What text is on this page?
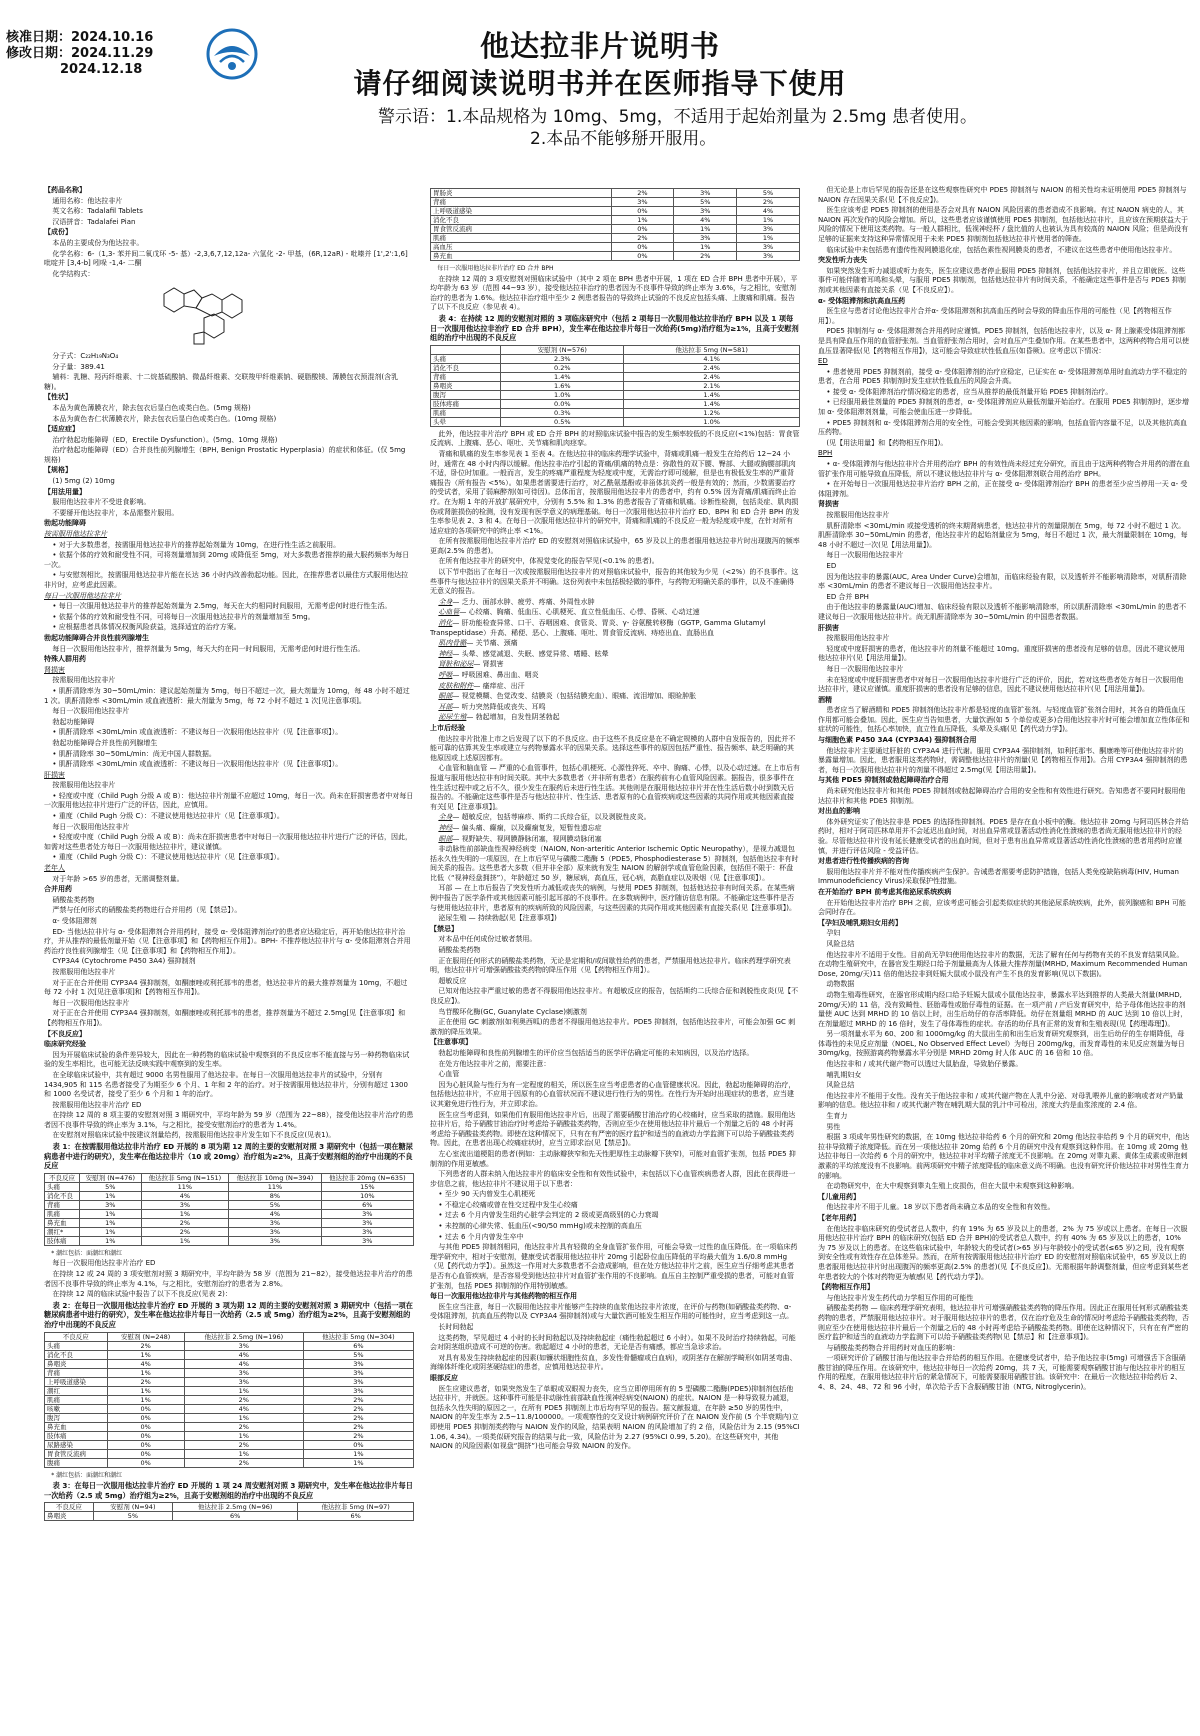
核准日期：2024.10.16
修改日期：2024.11.29
2024.12.18
他达拉非片说明书
请仔细阅读说明书并在医师指导下使用
警示语：1.本品规格为 10mg、5mg，不适用于起始剂量为 2.5mg 患者使用。
2.本品不能够掰开服用。

【药品名称】

通用名称：他达拉非片

英文名称：Tadalafil Tablets

汉语拼音：Tadalafei Pian

【成份】

本品的主要成份为他达拉非。

化学名称：6-（1,3- 苯并间二氧戊环 -5- 基）-2,3,6,7,12,12a- 六氢化 -2- 甲基，(6R,12aR) - 吡嗪并 [1',2':1,6] 吡啶并 [3,4-b] 吲哚 -1,4- 二酮

化学结构式：

分子式：C₂₂H₁₉N₃O₄

分子量：389.41

辅料：乳糖、羟丙纤维素、十二烷基硫酸钠、微晶纤维素、交联羧甲纤维素钠、硬脂酸镁、薄膜包衣预混剂(含乳糖)。

【性状】

本品为黄色薄膜衣片，除去包衣后显白色或类白色。(5mg 规格)

本品为黄色杏仁状薄膜衣片，除去包衣后显白色或类白色。(10mg 规格)

【适应症】

治疗勃起功能障碍（ED，Erectile Dysfunction）。(5mg、10mg 规格)

治疗勃起功能障碍（ED）合并良性前列腺增生（BPH, Benign Prostatic Hyperplasia）的症状和体征。(仅 5mg 规格)

【规格】

(1) 5mg (2) 10mg

【用法用量】

服用他达拉非片不受进食影响。

不要掰开他达拉非片，本品需整片服用。

勃起功能障碍

按需服用他达拉非片

• 对于大多数患者，按需服用他达拉非片的推荐起始剂量为 10mg，在进行性生活之前服用。

• 依据个体的疗效和耐受性不同，可将剂量增加到 20mg 或降低至 5mg，对大多数患者推荐的最大服药频率为每日一次。

• 与安慰剂相比，按需服用他达拉非片能在长达 36 小时内改善勃起功能。因此，在推荐患者以最佳方式服用他达拉非片时，应考虑此因素。

每日一次服用他达拉非片

• 每日一次服用他达拉非片的推荐起始剂量为 2.5mg，每天在大约相同时间服用，无需考虑何时进行性生活。

• 依据个体的疗效和耐受性不同，可将每日一次服用他达拉非片的剂量增加至 5mg。

• 应根据患者具体情况权衡风险获益，选择适宜的治疗方案。

勃起功能障碍合并良性前列腺增生

每日一次服用他达拉非片，推荐剂量为 5mg，每天大约在同一时间服用，无需考虑何时进行性生活。

特殊人群用药

肾损害

按需服用他达拉非片

• 肌酐清除率为 30~50mL/min：建议起始剂量为 5mg，每日不超过一次，最大剂量为 10mg，每 48 小时不超过 1 次。肌酐清除率 <30mL/min 或血液透析：最大剂量为 5mg，每 72 小时不超过 1 次[见注意事项]。

每日一次服用他达拉非片

勃起功能障碍

• 肌酐清除率 <30mL/min 或血液透析：不建议每日一次服用他达拉非片（见【注意事项】）。

勃起功能障碍合并良性前列腺增生

• 肌酐清除率 30~50mL/min：尚无中国人群数据。

• 肌酐清除率 <30mL/min 或血液透析：不建议每日一次服用他达拉非片（见【注意事项】）。

肝损害

按需服用他达拉非片

• 轻度或中度（Child Pugh 分级 A 或 B）：他达拉非片剂量不应超过 10mg，每日一次。尚未在肝损害患者中对每日一次服用他达拉非片进行广泛的评估，因此，应慎用。

• 重度（Child Pugh 分级 C）：不建议使用他达拉非片（见【注意事项】）。

每日一次服用他达拉非片

• 轻度或中度（Child Pugh 分级 A 或 B）：尚未在肝损害患者中对每日一次服用他达拉非片进行广泛的评估，因此，如需对这些患者处方每日一次服用他达拉非片，建议谨慎。

• 重度（Child Pugh 分级 C）：不建议使用他达拉非片（见【注意事项】）。

老年人

对于年龄 >65 岁的患者，无需调整剂量。

合并用药

硝酸盐类药物

严禁与任何形式的硝酸盐类药物进行合并用药（见【禁忌】）。

α- 受体阻滞剂

ED- 当他达拉非片与 α- 受体阻滞剂合并用药时，接受 α- 受体阻滞剂治疗的患者应达稳定后，再开始他达拉非片治疗，并从推荐的最低剂量开始（见【注意事项】和【药物相互作用】）。BPH- 不推荐他达拉非片与 α- 受体阻滞剂合并用药治疗良性前列腺增生（见【注意事项】和【药物相互作用】）。

CYP3A4 (Cytochrome P450 3A4) 强抑制剂

按需服用他达拉非片

对于正在合并使用 CYP3A4 强抑制剂，如酮康唑或利托那韦的患者，他达拉非片的最大推荐剂量为 10mg，不超过每 72 小时 1 次[见注意事项]和【药物相互作用】)。

每日一次服用他达拉非片

对于正在合并使用 CYP3A4 强抑制剂，如酮康唑或利托那韦的患者，推荐剂量为不超过 2.5mg[见【注意事项】和【药物相互作用】)。

【不良反应】

临床研究经验

因为开展临床试验的条件差异较大，因此在一种药物的临床试验中观察到的不良反应率不能直接与另一种药物临床试验的发生率相比，也可能无法反映实践中观察到的发生率。

在全球临床试验中，共有超过 9000 名男性服用了他达拉非。在每日一次服用他达拉非片的试验中，分别有 1434,905 和 115 名患者接受了为期至少 6 个月、1 年和 2 年的治疗。对于按需服用他达拉非片，分别有超过 1300 和 1000 名受试者，接受了至少 6 个月和 1 年的治疗。

按需服用他达拉非片治疗 ED

在持续 12 周的 8 项主要的安慰剂对照 3 期研究中，平均年龄为 59 岁（范围为 22~88），接受他达拉非片治疗的患者因不良事件导致的终止率为 3.1%，与之相比，接受安慰剂治疗的患者为 1.4%。

在安慰剂对照临床试验中按建议剂量给药，按需服用他达拉非片发生如下不良反应(见表1)。

表 1：在按需服用他达拉非片治疗 ED 开展的 8 项为期 12 周的主要的安慰剂对照 3 期研究中（包括一项在糖尿病患者中进行的研究），发生率在他达拉非片（10 或 20mg）治疗组为≥2%，且高于安慰剂组的治疗中出现的不良反应

不良反应	安慰剂 (N=476)	他达拉非 5mg (N=151)	他达拉非 10mg (N=394)	他达拉非 20mg (N=635)
头痛	5%	11%	11%	15%
消化不良	1%	4%	8%	10%
背痛	3%	3%	5%	6%
肌痛	1%	1%	4%	3%
鼻充血	1%	2%	3%	3%
潮红*	1%	2%	3%	3%
肢体痛	1%	1%	3%	3%

* 潮红包括：面潮红和潮红

每日一次服用他达拉非片治疗 ED

在持续 12 或 24 周的 3 项安慰剂对照 3 期研究中，平均年龄为 58 岁（范围为 21~82），接受他达拉非片治疗的患者因不良事件导致的终止率为 4.1%，与之相比，安慰剂治疗的患者为 2.8%。

在持续 12 周的临床试验中报告了以下不良反应(见表 2)：

表 2：在每日一次服用他达拉非片治疗 ED 开展的 3 项为期 12 周的主要的安慰剂对照 3 期研究中（包括一项在糖尿病患者中进行的研究），发生率在他达拉非片每日一次给药（2.5 或 5mg）治疗组为≥2%，且高于安慰剂组的治疗中出现的不良反应

不良反应	安慰剂 (N=248)	他达拉非 2.5mg (N=196)	他达拉非 5mg (N=304)
头痛	2%	3%	6%
消化不良	1%	4%	5%
鼻咽炎	4%	4%	3%
背痛	1%	3%	3%
上呼吸道感染	2%	3%	3%
潮红	1%	1%	3%
肌痛	1%	2%	2%
咳嗽	0%	4%	2%
腹泻	0%	1%	2%
鼻充血	0%	2%	2%
肢体痛	0%	1%	2%
尿路感染	0%	2%	0%
胃食管反流病	0%	1%	1%
腹痛	0%	2%	1%

* 潮红包括：面潮红和潮红

表 3：在每日一次服用他达拉非片治疗 ED 开展的 1 项 24 周安慰剂对照 3 期研究中，发生率在他达拉非片每日一次给药（2.5 或 5mg）治疗组为≥2%，且高于安慰剂组的治疗中出现的不良反应

不良反应	安慰剂 (N=94)	他达拉非 2.5mg (N=96)	他达拉非 5mg (N=97)
鼻咽炎	5%	6%	6%
胃肠炎	2%	3%	5%
背痛	3%	5%	2%
上呼吸道感染	0%	3%	4%
消化不良	1%	4%	1%
胃食管反流病	0%	1%	3%
肌痛	2%	3%	1%
高血压	0%	1%	3%
鼻充血	0%	2%	3%

每日一次服用他达拉非片治疗 ED 合并 BPH

在持续 12 周的 3 项安慰剂对照临床试验中（其中 2 项在 BPH 患者中开展，1 项在 ED 合并 BPH 患者中开展），平均年龄为 63 岁（范围 44~93 岁），接受他达拉非治疗的患者因为不良事件导致的终止率为 3.6%，与之相比，安慰剂治疗的患者为 1.6%。他达拉非治疗组中至少 2 例患者报告的导致终止试验的不良反应包括头痛、上腹痛和肌痛。报告了以下不良反应（参见表 4）。

表 4：在持续 12 周的安慰剂对照的 3 项临床研究中（包括 2 项每日一次服用他达拉非治疗 BPH 以及 1 项每日一次服用他达拉非治疗 ED 合并 BPH），发生率在他达拉非片每日一次给药(5mg)治疗组为≥1%，且高于安慰剂组的治疗中出现的不良反应

	安慰剂 (N=576)	他达拉非 5mg (N=581)
头痛	2.3%	4.1%
消化不良	0.2%	2.4%
背痛	1.4%	2.4%
鼻咽炎	1.6%	2.1%
腹泻	1.0%	1.4%
肢体疼痛	0.0%	1.4%
肌痛	0.3%	1.2%
头晕	0.5%	1.0%

此外，他达拉非片治疗 BPH 或 ED 合并 BPH 的对照临床试验中报告的发生频率较低的不良反应(<1%)包括：胃食管反流病、上腹痛、恶心、呕吐、关节痛和肌肉痉挛。

背痛和肌痛的发生率参见表 1 至表 4。在他达拉非的临床药理学试验中，背痛或肌痛一般发生在给药后 12~24 小时，通常在 48 小时内得以缓解。他达拉非治疗引起的背痛/肌痛的特点是：弥散性的双下腰、臀部、大腿或胸腰部肌肉不适，卧位时加重。一般而言，发生的疼痛严重程度为轻度或中度，无需治疗即可缓解，但是也有极低发生率的严重背痛报告（所有报告 <5%）。如果患者需要进行治疗，对乙酰氨基酚或非甾体抗炎药一般是有效的；然而，少数需要治疗的受试者，采用了弱麻醉剂(如可待因)。总体而言，按需服用他达拉非片的患者中，约有 0.5% 因为背痛/肌痛而终止治疗。在为期 1 年的开放扩展研究中，分别有 5.5% 和 1.3% 的患者报告了背痛和肌痛。诊断性检测，包括炎症、肌肉损伤或肾脏损伤的检测，没有发现有医学意义的病理基础。每日一次服用他达拉非片治疗 ED、BPH 和 ED 合并 BPH 的发生率参见表 2、3 和 4。在每日一次服用他达拉非片的研究中，背痛和肌痛的不良反应一般为轻度或中度，在针对所有适应症的各项研究中的终止率 <1%。

在所有按需服用他达拉非片治疗 ED 的安慰剂对照临床试验中，65 岁及以上的患者服用他达拉非片时出现腹泻的频率更高(2.5% 的患者)。

在所有他达拉非片的研究中，体视觉变化的报告罕见(<0.1% 的患者)。

以下节中指出了在每日一次或按需服用他达拉非片的对照临床试验中，报告的其他较为少见（<2%）的不良事件。这些事件与他达拉非片的因果关系并不明确。这份列表中未包括极轻微的事件，与药物无明确关系的事件，以及不准确得无意义的报告。

全身— 乏力、面部水肿、疲劳、疼痛、外周性水肿

心血管— 心绞痛、胸痛、低血压、心肌梗死、直立性低血压、心悸、昏厥、心动过速

消化— 肝功能检查异常、口干、吞咽困难、食管炎、胃炎、γ- 谷氨酰转移酶（GGTP, Gamma Glutamyl Transpeptidase）升高、稀便、恶心、上腹痛、呕吐、胃食管反流病、痔疮出血、直肠出血

肌肉骨骼— 关节痛、颈痛

神经— 头晕、感觉减退、失眠、感觉异常、嗜睡、眩晕

肾脏和泌尿— 肾损害

呼吸— 呼吸困难、鼻出血、咽炎

皮肤和附件— 瘙痒症、出汗

眼部— 视觉模糊、色觉改变、结膜炎（包括结膜充血）、眼痛、流泪增加、眼睑肿胀

耳部— 听力突然降低或丧失、耳鸣

泌尿生殖— 勃起增加，自发性阴茎勃起

上市后经验

他达拉非片批准上市之后发现了以下的不良反应。由于这些不良反应是在不确定规模的人群中自发报告的，因此并不能可靠的估算其发生率或建立与药物暴露水平的因果关系。选择这些事件的原因包括严重性、报告频率、缺乏明确的其他原因或上述原因都有。

心血管和脑血管 — 严重的心血管事件，包括心肌梗死、心源性猝死、卒中、胸痛、心悸，以及心动过速。在上市后有报道与服用他达拉非有时间关联。其中大多数患者（并非所有患者）在服药前有心血管风险因素。据报告，很多事件在性生活过程中或之后不久，很少发生在服药后未进行性生活。其他则是在服用他达拉非片并在性生活后数小时到数天后报告的。不能确定这些事件是否与他达拉非片、性生活、患者原有的心血管疾病或这些因素的共同作用或其他因素直接有关[见【注意事项】]。

全身— 超敏反应，包括荨麻疹、斯约二氏综合征，以及剥脱性皮炎。

神经— 偏头痛、癫痫，以及癫痫复发，短暂性遗忘症

眼部— 视野缺失、视网膜静脉闭塞，视网膜动脉闭塞

非动脉性前部缺血性视神经病变（NAION, Non-arteritic Anterior Ischemic Optic Neuropathy），是视力减退包括永久性失明的一项原因，在上市后罕见与磷酸二酯酶 5（PDE5, Phosphodiesterase 5）抑制剂，包括他达拉非有时间关系的报告。这些患者大多数（但并非全部）原来就有发生 NAION 的解剖学或血管危险因素，包括但不限于：杯盘比低（“视神经盘拥挤”），年龄超过 50 岁，糖尿病，高血压，冠心病，高脂血症以及吸烟（见【注意事项】）。

耳部 — 在上市后报告了突发性听力减低或丧失的病例，与使用 PDE5 抑制剂，包括他达拉非有时间关系。在某些病例中报告了医学条件或其他因素可能引起耳部的不良事件。在多数病例中，医疗随访信息有限。不能确定这些事件是否与使用他达拉非片，患者原有的疾病所致的风险因素，与这些因素的共同作用或其他因素有直接关系(见【注意事项】)。

泌尿生殖 — 持续勃起(见【注意事项】)

【禁忌】

对本品中任何成份过敏者禁用。

硝酸盐类药物

正在服用任何形式的硝酸盐类药物，无论是定期和/或间歇性给药的患者，严禁服用他达拉非片。临床药理学研究表明，他达拉非片可增强硝酸盐类药物的降压作用（见【药物相互作用】）。

超敏反应

已知对他达拉非严重过敏的患者不得服用他达拉非片。有超敏反应的报告，包括斯约二氏综合征和剥脱性皮炎(见【不良反应】)。

鸟苷酸环化酶(GC, Guanylate Cyclase)刺激剂

正在使用 GC 刺激剂(如利奥西呱)的患者不得服用他达拉非片。PDE5 抑制剂，包括他达拉非片，可能会加强 GC 刺激剂的降压效果。

【注意事项】

勃起功能障碍和良性前列腺增生的评价应当包括适当的医学评估确定可能的未知病因，以及治疗选择。

在处方他达拉非片之前，需要注意：

心血管

因为心脏风险与性行为有一定程度的相关，所以医生应当考虑患者的心血管健康状况。因此，勃起功能障碍的治疗，包括他达拉非片，不应用于因原有的心血管状况而不建议进行性行为的男性。在性行为开始时出现症状的患者，应当建议其避免进行性行为，并立即求治。

医生应当考虑到，如果他们有服用他达拉非片后，出现了需要硝酸甘油治疗的心绞痛时，应当采取的措施。服用他达拉非片后，给予硝酸甘油治疗时考虑给予硝酸盐类药物，否则应至少在使用他达拉非片最后一个剂量之后的 48 小时再考虑给予硝酸盐类药物。即使在这种情况下，只有在有严密的医疗监护和适当的血液动力学监测下可以给予硝酸盐类药物。因此，在患者出现心绞痛症状时，应当立即求治(见【禁忌】)。

左心室流出道梗阻的患者(例如：主动脉瓣狭窄和先天性肥厚性主动脉瓣下狭窄)，可能对血管扩张剂，包括 PDE5 抑制剂的作用更敏感。

下列患者的人群未纳入他达拉非片的临床安全性和有效性试验中，未包括以下心血管疾病患者人群，因此在获得进一步信息之前，他达拉非片不建议用于以下患者：

• 至少 90 天内曾发生心肌梗死

• 不稳定心绞痛或曾在性交过程中发生心绞痛

• 过去 6 个月内曾发生纽约心脏学会判定的 2 级或更高级别的心力衰竭

• 未控制的心律失常、低血压(<90/50 mmHg)或未控制的高血压

• 过去 6 个月内曾发生卒中

与其他 PDE5 抑制剂相同，他达拉非片具有轻微的全身血管扩张作用，可能会导致一过性的血压降低。在一项临床药理学研究中，相对于安慰剂，健康受试者服用他达拉非片 20mg 引起卧位血压降低的平均最大值为 1.6/0.8 mmHg（见【药代动力学】）。虽然这一作用对大多数患者不会造成影响，但在处方他达拉非片之前，医生应当仔细考虑其患者是否有心血管疾病，是否容易受到他达拉非片对血管扩张作用的不良影响。血压自主控制严重受损的患者，可能对血管扩张剂，包括 PDE5 抑制剂的作用特别敏感。

每日一次服用他达拉非片与其他药物的相互作用

医生应当注意，每日一次服用他达拉非片能够产生持续的血浆他达拉非片浓度，在评价与药物(如硝酸盐类药物、α- 受体阻滞剂，抗高血压药物以及 CYP3A4 强抑制剂)或与大量饮酒可能发生相互作用的可能性时，应当考虑到这一点。

长时间勃起

这类药物，罕见超过 4 小时的长时间勃起以及持续勃起症（痛性勃起超过 6 小时）。如果不及时治疗持续勃起，可能会对阴茎组织造成不可逆的伤害。勃起超过 4 小时的患者，无论是否有痛感，都应当急诊求治。

对具有易发生持续勃起症的因素(如镰状细胞性贫血，多发性骨髓瘤或白血病)，或阴茎存在解剖学畸形(如阴茎弯曲、海绵体纤维化或阴茎硬结症)的患者，应慎用他达拉非片。

眼部反应

医生应建议患者，如果突然发生了单眼或双眼视力丧失，应当立即停用所有的 5 型磷酸二酯酶(PDE5)抑制剂包括他达拉非片，并就医。这种事件可能是非动脉性前部缺血性视神经病变(NAION) 的症状。NAION 是一种导致视力减退，包括永久性失明的原因之一，在所有 PDE5 抑制剂上市后均有罕见的报告。据文献报道，在年龄 ≥50 岁的男性中，NAION 的年发生率为 2.5~11.8/100000。一项观察性的交叉设计病例研究评价了在 NAION 发作前 (5 个半衰期内)立即使用 PDE5 抑制剂类药物与 NAION 发作的风险，结果表明 NAION 的风险增加了约 2 倍，风险估计为 2.15 (95%CI 1.06, 4.34)。一项类似研究报告的结果与此一致，风险估计为 2.27 (95%CI 0.99, 5.20)。在这些研究中，其他 NAION 的风险因素(如视盘“拥挤”)也可能会导致 NAION 的发作。

但无论是上市后罕见的报告还是在这些观察性研究中 PDE5 抑制剂与 NAION 的相关性均未证明使用 PDE5 抑制剂与 NAION 存在因果关系(见【不良反应】)。

医生应该考虑 PDE5 抑制剂的使用是否会对具有 NAION 风险因素的患者造成不良影响。有过 NAION 病史的人，其 NAION 再次发作的风险会增加。所以，这些患者应该谨慎使用 PDE5 抑制剂，包括他达拉非片，且应该在预期获益大于风险的情况下使用这类药物。与一般人群相比，低视神经杯 / 盘比值的人也被认为具有较高的 NAION 风险；但是尚没有足够的证据来支持这种异常情况用于未来 PDE5 抑制剂包括他达拉非片使用者的筛查。

临床试验中未包括患有遗传性视网膜退化症，包括色素性视网膜炎的患者，不建议在这些患者中使用他达拉非片。

突发性听力丧失

如果突然发生听力减退或听力丧失，医生应建议患者停止服用 PDE5 抑制剂，包括他达拉非片，并且立即就医。这些事件可能伴随着耳鸣和头晕，与服用 PDE5 抑制剂，包括他达拉非片有时间关系，不能确定这些事件是否与 PDE5 抑制剂或其他因素有直接关系（见【不良反应】）。

α- 受体阻滞剂和抗高血压药

医生应与患者讨论他达拉非片合并α- 受体阻滞剂和抗高血压药时会导致的降血压作用的可能性（见【药物相互作用】）。

PDE5 抑制剂与 α- 受体阻滞剂合并用药时应谨慎。PDE5 抑制剂，包括他达拉非片，以及 α- 肾上腺素受体阻滞剂都是具有降血压作用的血管舒张剂。当血管舒张剂合用时，会对血压产生叠加作用。在某些患者中，这两种药物合用可以使血压显著降低(见【药物相互作用】)，这可能会导致症状性低血压(如昏厥)。应考虑以下情况：

ED

• 患者使用 PDE5 抑制剂前，接受 α- 受体阻滞剂的治疗应稳定，已证实在 α- 受体阻滞剂单用时血流动力学不稳定的患者，在合用 PDE5 抑制剂时发生症状性低血压的风险会升高。

• 接受 α- 受体阻滞剂治疗情况稳定的患者，应当从推荐的最低剂量开始 PDE5 抑制剂治疗。

• 已经服用最佳剂量的 PDE5 抑制剂的患者，α- 受体阻滞剂应从最低剂量开始治疗。在服用 PDE5 抑制剂时，逐步增加 α- 受体阻滞剂剂量，可能会使血压进一步降低。

• PDE5 抑制剂和 α- 受体阻滞剂合用的安全性，可能会受到其他因素的影响，包括血管内容量不足，以及其他抗高血压药物。

(见【用法用量】和【药物相互作用】)。

BPH

• α- 受体阻滞剂与他达拉非片合并用药治疗 BPH 的有效性尚未经过充分研究，而且由于这两种药物合并用药的潜在血管扩张作用可能导致血压降低，所以不建议他达拉非片与 α- 受体阻滞剂联合用药治疗 BPH。

• 在开始每日一次服用他达拉非片治疗 BPH 之前，正在接受 α- 受体阻滞剂治疗 BPH 的患者至少应当停用一天 α- 受体阻滞剂。

肾损害

按需服用他达拉非片

肌酐清除率 <30mL/min 或接受透析的终末期肾病患者，他达拉非片的剂量限制在 5mg，每 72 小时不超过 1 次。肌酐清除率 30~50mL/min 的患者，他达拉非片的起始剂量应为 5mg，每日不超过 1 次，最大剂量限制在 10mg，每 48 小时不超过一次(见【用法用量】)。

每日一次服用他达拉非片

ED

因为他达拉非的暴露(AUC, Area Under Curve)会增加，而临床经验有限，以及透析并不能影响清除率，对肌酐清除率 <30mL/min 的患者不建议每日一次服用他达拉非片。

ED 合并 BPH

由于他达拉非的暴露量(AUC)增加、临床经验有限以及透析不能影响清除率，所以肌酐清除率 <30mL/min 的患者不建议每日一次服用他达拉非片。尚无肌酐清除率为 30~50mL/min 的中国患者数据。

肝损害

按需服用他达拉非片

轻度或中度肝损害的患者，他达拉非片的剂量不能超过 10mg。重度肝损害的患者没有足够的信息，因此不建议使用他达拉非片(见【用法用量】)。

每日一次服用他达拉非片

未在轻度或中度肝损害患者中对每日一次服用他达拉非片进行广泛的评价，因此，若对这些患者处方每日一次服用他达拉非片，建议应谨慎。重度肝损害的患者没有足够的信息，因此不建议使用他达拉非片(见【用法用量】)。

酒精

患者应当了解酒精和 PDE5 抑制剂他达拉非片都是轻度的血管扩张剂。与轻度血管扩张剂合用时，其各自的降低血压作用都可能会叠加。因此，医生应当告知患者，大量饮酒(如 5 个单位或更多)合用他达拉非片时可能会增加直立性体征和症状的可能性，包括心率加快，直立性血压降低，头晕及头痛(见【药代动力学】)。

与细胞色素 P450 3A4 (CYP3A4) 强抑制剂合用

他达拉非片主要通过肝脏的 CYP3A4 进行代谢。服用 CYP3A4 强抑制剂，如利托那韦、酮康唑等可使他达拉非片的暴露量增加。因此，患者服用这类药物时，需调整他达拉非片的剂量(见【药物相互作用】)。合用 CYP3A4 强抑制剂的患者，每日一次服用他达拉非片的剂量不得超过 2.5mg(见【用法用量】)。

与其他 PDE5 抑制剂或勃起障碍治疗合用

尚未研究他达拉非片和其他 PDE5 抑制剂或勃起障碍治疗合用的安全性和有效性进行研究。告知患者不要同时服用他达拉非片和其他 PDE5 抑制剂。

对出血的影响

体外研究证实了他达拉非是 PDE5 的选择性抑制剂。PDE5 是存在血小板中的酶。他达拉非 20mg 与阿司匹林合并给药时，相对于阿司匹林单用并不会延迟出血时间，对出血异常或显著活动性消化性溃疡的患者尚无服用他达拉非片的经验。尽管他达拉非片没有延长健康受试者的出血时间，但对于患有出血异常或显著活动性消化性溃疡的患者用药时应谨慎，并进行评估风险 - 受益评估。

对患者进行性传播疾病的咨询

服用他达拉非片并不能对性传播疾病产生保护。告诫患者需要考虑防护措施，包括人类免疫缺陷病毒(HIV, Human Immunodeficiency Virus)采取保护性措施。

在开始治疗 BPH 前考虑其他泌尿系统疾病

在开始他达拉非片治疗 BPH 之前，应该考虑可能会引起类似症状的其他泌尿系统疾病，此外，前列腺癌和 BPH 可能会同时存在。

【孕妇及哺乳期妇女用药】

孕妇

风险总结

他达拉非片不适用于女性。目前尚无孕妇使用他达拉非片的数据，无法了解有任何与药物有关的不良发育结果风险。在动物生殖研究中，在器官发生期经口给予剂量最高为人体最大推荐剂量(MRHD, Maximum Recommended Human Dose, 20mg/天)11 倍的他达拉非到妊娠大鼠或小鼠没有产生不良的发育影响(见以下数据)。

动物数据

动物生殖毒性研究，在器官形成期内经口给予妊娠大鼠或小鼠他达拉非，暴露水平达到推荐的人类最大剂量(MRHD, 20mg/天)的 11 倍，没有致畸性、胚胎毒性或胎仔毒性的证据。在一项产前 / 产后发育研究中，给予母体他达拉非的剂量使 AUC 达到 MRHD 的 10 倍以上时，出生后幼仔的存活率降低。幼仔在剂量组 MRHD 的 AUC 达到 10 倍以上时，在剂量超过 MRHD 的 16 倍时，发生了母体毒性的症状。存活的幼仔具有正常的发育和生殖表现(见【药理毒理】)。

另一项剂量水平为 60、200 和 1000mg/kg 的大鼠出生前和出生后发育研究观察到，出生后幼仔的生存期降低，母体毒性的未见反应剂量（NOEL, No Observed Effect Level）为每日 200mg/kg，而发育毒性的未见反应剂量为每日 30mg/kg，按照游离药物暴露水平分别是 MRHD 20mg 时人体 AUC 的 16 倍和 10 倍。

他达拉非和 / 或其代谢产物可以透过大鼠胎盘，导致胎仔暴露。

哺乳期妇女

风险总结

他达拉非片不能用于女性。没有关于他达拉非和 / 或其代谢产物在人乳中分泌、对母乳喂养儿童的影响或者对产奶量影响的信息。他达拉非和 / 或其代谢产物在哺乳期大鼠的乳汁中可检出，浓度大约是血浆浓度的 2.4 倍。

生育力

男性

根据 3 项成年男性研究的数据，在 10mg 他达拉非给药 6 个月的研究和 20mg 他达拉非给药 9 个月的研究中，他达拉非导致精子浓度降低。而在另一项他达拉非 20mg 给药 6 个月的研究中没有观察到这种作用。在 10mg 或 20mg 他达拉非每日一次给药 6 个月的研究中，他达拉非对平均精子浓度无不良影响。在 20mg 对睾丸素、黄体生成素或卵泡刺激素的平均浓度没有不良影响。前两项研究中精子浓度降低的临床意义尚不明确。也没有研究评价他达拉非对男性生育力的影响。

在动物研究中，在大中观察到睾丸生殖上皮损伤，但在大鼠中未观察到这种影响。

【儿童用药】

他达拉非片不用于儿童。18 岁以下患者尚未确立本品的安全性和有效性。

【老年用药】

在他达拉非临床研究的受试者总人数中，约有 19% 为 65 岁及以上的患者，2% 为 75 岁或以上患者。在每日一次服用他达拉非片治疗 BPH 的临床研究(包括 ED 合并 BPH)的受试者总人数中，约有 40% 为 65 岁及以上的患者，10% 为 75 岁及以上的患者。在这些临床试验中，年龄较大的受试者(>65 岁)与年龄较小的受试者(≤65 岁)之间，没有观察到安全性或有效性存在总体差异。然而，在所有按需服用他达拉非片治疗 ED 的安慰剂对照临床试验中，65 岁及以上的患者服用他达拉非片时出现腹泻的频率更高(2.5% 的患者)(见【不良反应】)。无需根据年龄调整剂量，但应考虑到某些老年患者较大的个体对药物更为敏感(见【药代动力学】)。

【药物相互作用】

与他达拉非片发生药代动力学相互作用的可能性

硝酸盐类药物 — 临床药理学研究表明，他达拉非片可增强硝酸盐类药物的降压作用。因此正在服用任何形式硝酸盐类药物的患者，严禁服用他达拉非片。对于服用他达拉非片的患者，仅在治疗危及生命的情况时考虑给予硝酸盐类药物，否则应至少在使用他达拉非片最后一个剂量之后的 48 小时再考虑给予硝酸盐类药物。即使在这种情况下，只有在有严密的医疗监护和适当的血液动力学监测下可以给予硝酸盐类药物(见【禁忌】和【注意事项】)。

与硝酸盐类药物合并用药时对血压的影响：

一项研究评价了硝酸甘油与他达拉非合并给药的相互作用。在健康受试者中，给予他达拉非(5mg) 可增强舌下含服硝酸甘油的降压作用。在该研究中，他达拉非每日一次给药 20mg，共 7 天，可能需要观察硝酸甘油与他达拉非片的相互作用的程度，在服用他达拉非片后的紧急情况下，可能需要服用硝酸甘油。该研究中：在最后一次他达拉非给药后 2、4、8、24、48、72 和 96 小时，单次给予舌下含服硝酸甘油（NTG, Nitroglycerin)。
